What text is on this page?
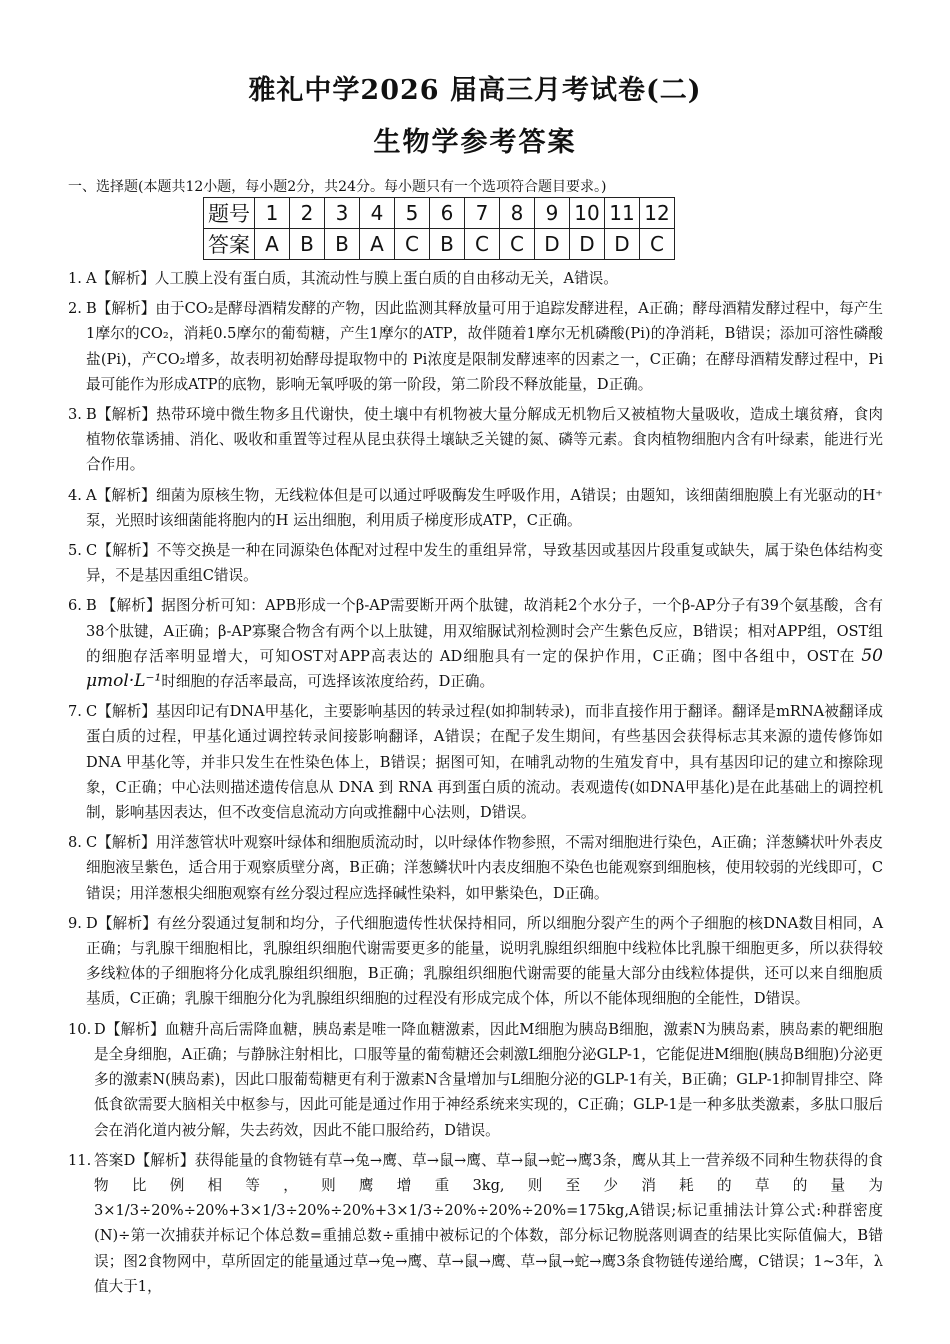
雅礼中学2026 届高三月考试卷(二)
生物学参考答案
一、选择题(本题共12小题，每小题2分，共24分。每小题只有一个选项符合题目要求。)
题号	1	2	3	4	5	6	7	8	9	10	11	12
答案	A	B	B	A	C	B	C	C	D	D	D	C
1. A【解析】人工膜上没有蛋白质，其流动性与膜上蛋白质的自由移动无关，A错误。
2. B【解析】由于CO₂是酵母酒精发酵的产物，因此监测其释放量可用于追踪发酵进程，A正确；酵母酒精发酵过程中，每产生1摩尔的CO₂，消耗0.5摩尔的葡萄糖，产生1摩尔的ATP，故伴随着1摩尔无机磷酸(Pi)的净消耗，B错误；添加可溶性磷酸盐(Pi)，产CO₂增多，故表明初始酵母提取物中的 Pi浓度是限制发酵速率的因素之一，C正确；在酵母酒精发酵过程中，Pi最可能作为形成ATP的底物，影响无氧呼吸的第一阶段，第二阶段不释放能量，D正确。
3. B【解析】热带环境中微生物多且代谢快，使土壤中有机物被大量分解成无机物后又被植物大量吸收，造成土壤贫瘠，食肉植物依靠诱捕、消化、吸收和重置等过程从昆虫获得土壤缺乏关键的氮、磷等元素。食肉植物细胞内含有叶绿素，能进行光合作用。
4. A【解析】细菌为原核生物，无线粒体但是可以通过呼吸酶发生呼吸作用，A错误；由题知，该细菌细胞膜上有光驱动的H⁺泵，光照时该细菌能将胞内的H 运出细胞，利用质子梯度形成ATP，C正确。
5. C【解析】不等交换是一种在同源染色体配对过程中发生的重组异常，导致基因或基因片段重复或缺失，属于染色体结构变异，不是基因重组C错误。
6. B 【解析】据图分析可知：APB形成一个β-AP需要断开两个肽键，故消耗2个水分子，一个β-AP分子有39个氨基酸，含有38个肽键，A正确；β-AP寡聚合物含有两个以上肽键，用双缩脲试剂检测时会产生紫色反应，B错误；相对APP组，OST组的细胞存活率明显增大，可知OST对APP高表达的 AD细胞具有一定的保护作用，C正确；图中各组中，OST在 50 μmol·L⁻¹时细胞的存活率最高，可选择该浓度给药，D正确。
7. C【解析】基因印记有DNA甲基化，主要影响基因的转录过程(如抑制转录)，而非直接作用于翻译。翻译是mRNA被翻译成蛋白质的过程，甲基化通过调控转录间接影响翻译，A错误；在配子发生期间，有些基因会获得标志其来源的遗传修饰如DNA 甲基化等，并非只发生在性染色体上，B错误；据图可知，在哺乳动物的生殖发育中，具有基因印记的建立和擦除现象，C正确；中心法则描述遗传信息从 DNA 到 RNA 再到蛋白质的流动。表观遗传(如DNA甲基化)是在此基础上的调控机制，影响基因表达，但不改变信息流动方向或推翻中心法则，D错误。
8. C【解析】用洋葱管状叶观察叶绿体和细胞质流动时，以叶绿体作物参照，不需对细胞进行染色，A正确；洋葱鳞状叶外表皮细胞液呈紫色，适合用于观察质壁分离，B正确；洋葱鳞状叶内表皮细胞不染色也能观察到细胞核，使用较弱的光线即可，C错误；用洋葱根尖细胞观察有丝分裂过程应选择碱性染料，如甲紫染色，D正确。
9. D【解析】有丝分裂通过复制和均分，子代细胞遗传性状保持相同，所以细胞分裂产生的两个子细胞的核DNA数目相同，A正确；与乳腺干细胞相比，乳腺组织细胞代谢需要更多的能量，说明乳腺组织细胞中线粒体比乳腺干细胞更多，所以获得较多线粒体的子细胞将分化成乳腺组织细胞，B正确；乳腺组织细胞代谢需要的能量大部分由线粒体提供，还可以来自细胞质基质，C正确；乳腺干细胞分化为乳腺组织细胞的过程没有形成完成个体，所以不能体现细胞的全能性，D错误。
10. D【解析】血糖升高后需降血糖，胰岛素是唯一降血糖激素，因此M细胞为胰岛B细胞，激素N为胰岛素，胰岛素的靶细胞是全身细胞，A正确；与静脉注射相比，口服等量的葡萄糖还会刺激L细胞分泌GLP-1，它能促进M细胞(胰岛B细胞)分泌更多的激素N(胰岛素)，因此口服葡萄糖更有利于激素N含量增加与L细胞分泌的GLP-1有关，B正确；GLP-1抑制胃排空、降低食欲需要大脑相关中枢参与，因此可能是通过作用于神经系统来实现的，C正确；GLP-1是一种多肽类激素，多肽口服后会在消化道内被分解，失去药效，因此不能口服给药，D错误。
11. 答案D【解析】获得能量的食物链有草→兔→鹰、草→鼠→鹰、草→鼠→蛇→鹰3条，鹰从其上一营养级不同种生物获得的食物比例相等，则鹰增重3kg,则至少消耗的草的量为3×1/3÷20%÷20%+3×1/3÷20%÷20%+3×1/3÷20%÷20%÷20%=175kg,A错误;标记重捕法计算公式:种群密度(N)÷第一次捕获并标记个体总数=重捕总数÷重捕中被标记的个体数，部分标记物脱落则调查的结果比实际值偏大，B错误；图2食物网中，草所固定的能量通过草→兔→鹰、草→鼠→鹰、草→鼠→蛇→鹰3条食物链传递给鹰，C错误；1~3年，λ值大于1，
